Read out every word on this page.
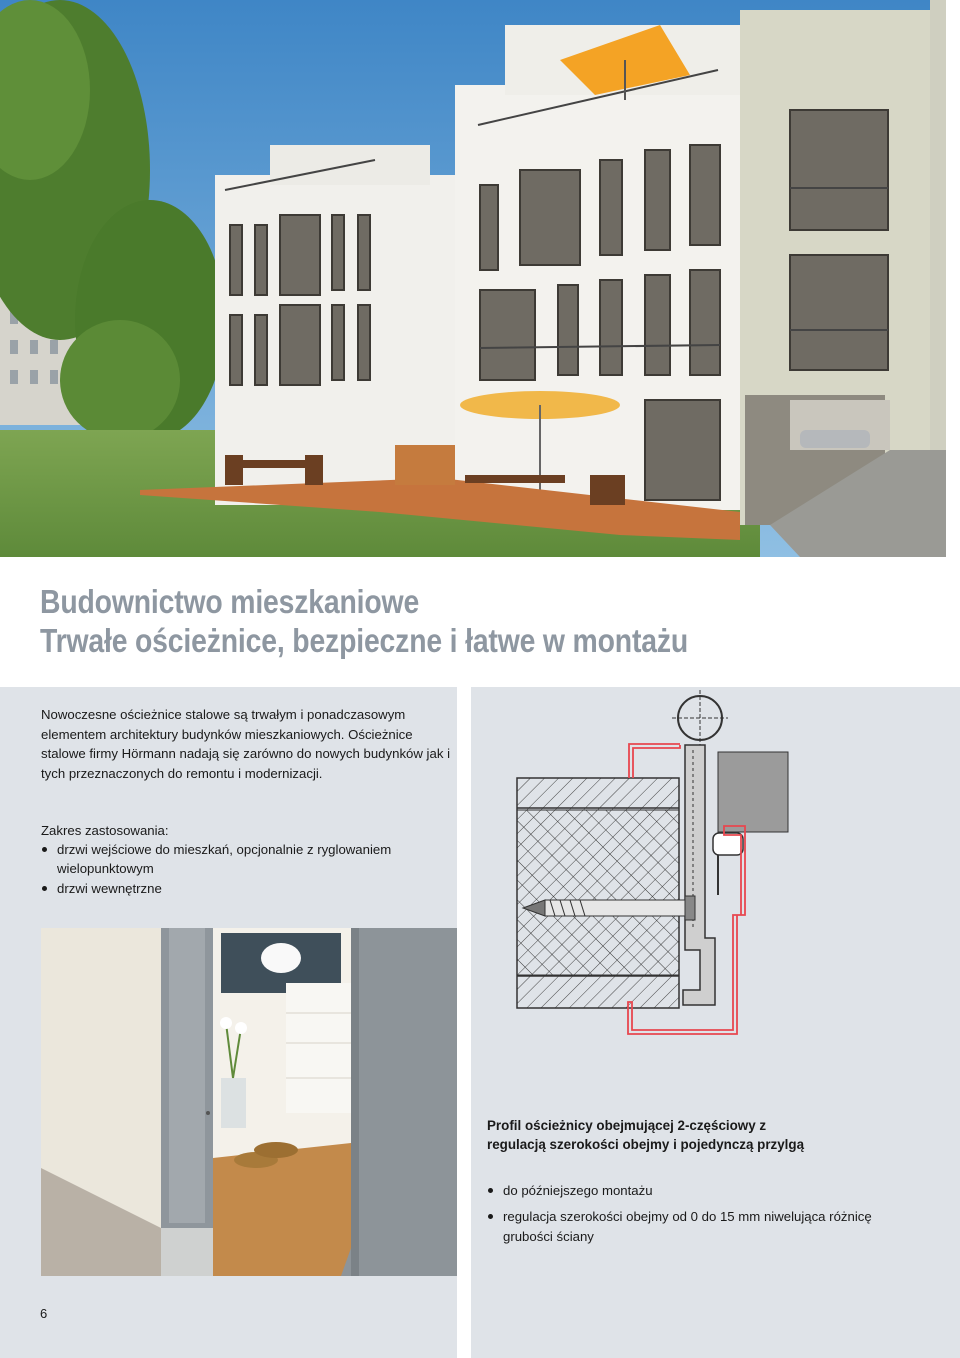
Budownictwo mieszkaniowe
Trwałe ościeżnice, bezpieczne i łatwe w montażu

Nowoczesne ościeżnice stalowe są trwałym i ponadczasowym elementem architektury budynków mieszkaniowych. Ościeżnice stalowe firmy Hörmann nadają się zarówno do nowych budynków jak i tych przeznaczonych do remontu i modernizacji.

Zakres zastosowania:

drzwi wejściowe do mieszkań, opcjonalnie z ryglowaniem wielopunktowym
drzwi wewnętrzne

Profil ościeżnicy obejmującej 2-częściowy z regulacją szerokości obejmy i pojedynczą przylgą

do późniejszego montażu
regulacja szerokości obejmy od 0 do 15 mm niwelująca różnicę grubości ściany
6
